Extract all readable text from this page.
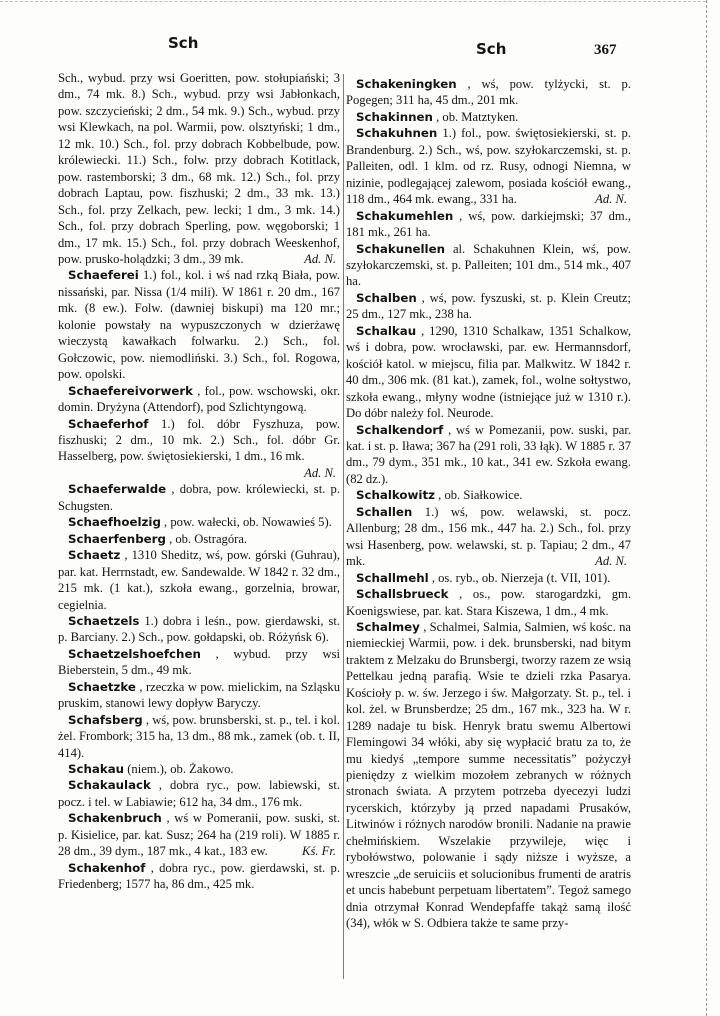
Sch	Sch	367

Sch., wybud. przy wsi Goeritten, pow. stołupiański; 3 dm., 74 mk. 8.) Sch., wybud. przy wsi Jabłonkach, pow. szczycieński; 2 dm., 54 mk. 9.) Sch., wybud. przy wsi Klewkach, na pol. Warmii, pow. olsztyński; 1 dm., 12 mk. 10.) Sch., fol. przy dobrach Kobbelbude, pow. królewiecki. 11.) Sch., folw. przy dobrach Kotitlack, pow. rastemborski; 3 dm., 68 mk. 12.) Sch., fol. przy dobrach Laptau, pow. fiszhuski; 2 dm., 33 mk. 13.) Sch., fol. przy Zelkach, pew. lecki; 1 dm., 3 mk. 14.) Sch., fol. przy dobrach Sperling, pow. węgoborski; 1 dm., 17 mk. 15.) Sch., fol. przy dobrach Weeskenhof, pow. prusko-holądzki; 3 dm., 39 mk.	Ad. N.

Schaeferei 1.) fol., kol. i wś nad rzką Biała, pow. nissański, par. Nissa (1/4 mili). W 1861 r. 20 dm., 167 mk. (8 ew.). Folw. (dawniej biskupi) ma 120 mr.; kolonie powstały na wypuszczonych w dzierżawę wieczystą kawałkach folwarku. 2.) Sch., fol. Gołczowic, pow. niemodliński. 3.) Sch., fol. Rogowa, pow. opolski.

Schaefereivorwerk , fol., pow. wschowski, okr. domin. Dryżyna (Attendorf), pod Szlichtyngową.

Schaeferhof 1.) fol. dóbr Fyszhuza, pow. fiszhuski; 2 dm., 10 mk. 2.) Sch., fol. dóbr Gr. Hasselberg, pow. świętosiekierski, 1 dm., 16 mk.
Ad. N.

Schaeferwalde , dobra, pow. królewiecki, st. p. Schugsten.

Schaefhoelzig , pow. wałecki, ob. Nowawieś 5).

Schaerfenberg , ob. Ostragóra.

Schaetz , 1310 Sheditz, wś, pow. górski (Guhrau), par. kat. Herrnstadt, ew. Sandewalde. W 1842 r. 32 dm., 215 mk. (1 kat.), szkoła ewang., gorzelnia, browar, cegielnia.

Schaetzels 1.) dobra i leśn., pow. gierdawski, st. p. Barciany. 2.) Sch., pow. gołdapski, ob. Różyńsk 6).

Schaetzelshoefchen , wybud. przy wsi Bieberstein, 5 dm., 49 mk.

Schaetzke , rzeczka w pow. mielickim, na Szląsku pruskim, stanowi lewy dopływ Baryczy.

Schafsberg , wś, pow. brunsberski, st. p., tel. i kol. żel. Frombork; 315 ha, 13 dm., 88 mk., zamek (ob. t. II, 414).

Schakau (niem.), ob. Żakowo.

Schakaulack , dobra ryc., pow. labiewski, st. pocz. i tel. w Labiawie; 612 ha, 34 dm., 176 mk.

Schakenbruch , wś w Pomeranii, pow. suski, st. p. Kisielice, par. kat. Susz; 264 ha (219 roli). W 1885 r. 28 dm., 39 dym., 187 mk., 4 kat., 183 ew.	Kś. Fr.

Schakenhof , dobra ryc., pow. gierdawski, st. p. Friedenberg; 1577 ha, 86 dm., 425 mk.

Schakeningken , wś, pow. tylżycki, st. p. Pogegen; 311 ha, 45 dm., 201 mk.

Schakinnen , ob. Matztyken.

Schakuhnen 1.) fol., pow. świętosiekierski, st. p. Brandenburg. 2.) Sch., wś, pow. szyłokarczemski, st. p. Palleiten, odl. 1 klm. od rz. Rusy, odnogi Niemna, w nizinie, podlegającej zalewom, posiada kościół ewang., 118 dm., 464 mk. ewang., 331 ha.	Ad. N.

Schakumehlen , wś, pow. darkiejmski; 37 dm., 181 mk., 261 ha.

Schakunellen al. Schakuhnen Klein, wś, pow. szyłokarczemski, st. p. Palleiten; 101 dm., 514 mk., 407 ha.

Schalben , wś, pow. fyszuski, st. p. Klein Creutz; 25 dm., 127 mk., 238 ha.

Schalkau , 1290, 1310 Schalkaw, 1351 Schalkow, wś i dobra, pow. wrocławski, par. ew. Hermannsdorf, kościół katol. w miejscu, filia par. Malkwitz. W 1842 r. 40 dm., 306 mk. (81 kat.), zamek, fol., wolne sołtystwo, szkoła ewang., młyny wodne (istniejące już w 1310 r.). Do dóbr należy fol. Neurode.

Schalkendorf , wś w Pomezanii, pow. suski, par. kat. i st. p. Iława; 367 ha (291 roli, 33 łąk). W 1885 r. 37 dm., 79 dym., 351 mk., 10 kat., 341 ew. Szkoła ewang. (82 dz.).

Schalkowitz , ob. Siałkowice.

Schallen 1.) wś, pow. welawski, st. pocz. Allenburg; 28 dm., 156 mk., 447 ha. 2.) Sch., fol. przy wsi Hasenberg, pow. welawski, st. p. Tapiau; 2 dm., 47 mk.	Ad. N.

Schallmehl , os. ryb., ob. Nierzeja (t. VII, 101).

Schallsbrueck , os., pow. starogardzki, gm. Koenigswiese, par. kat. Stara Kiszewa, 1 dm., 4 mk.

Schalmey , Schalmei, Salmia, Salmien, wś kośc. na niemieckiej Warmii, pow. i dek. brunsberski, nad bitym traktem z Melzaku do Brunsbergi, tworzy razem ze wsią Pettelkau jedną parafią. Wsie te dzieli rzka Pasarya. Kościoły p. w. św. Jerzego i św. Małgorzaty. St. p., tel. i kol. żel. w Brunsberdze; 25 dm., 167 mk., 323 ha. W r. 1289 nadaje tu bisk. Henryk bratu swemu Albertowi Flemingowi 34 włóki, aby się wypłacić bratu za to, że mu kiedyś „tempore summe necessitatis” pożyczył pieniędzy z wielkim mozołem zebranych w różnych stronach świata. A przytem potrzeba dyecezyi ludzi rycerskich, którzyby ją przed napadami Prusaków, Litwinów i różnych narodów bronili. Nadanie na prawie chełmińskiem. Wszelakie przywileje, więc i rybołówstwo, polowanie i sądy niższe i wyższe, a wreszcie „de seruiciis et solucionibus frumenti de aratris et uncis habebunt perpetuam libertatem”. Tegoż samego dnia otrzymał Konrad Wendepfaffe takąż samą ilość (34), włók w S. Odbiera także te same przy-
